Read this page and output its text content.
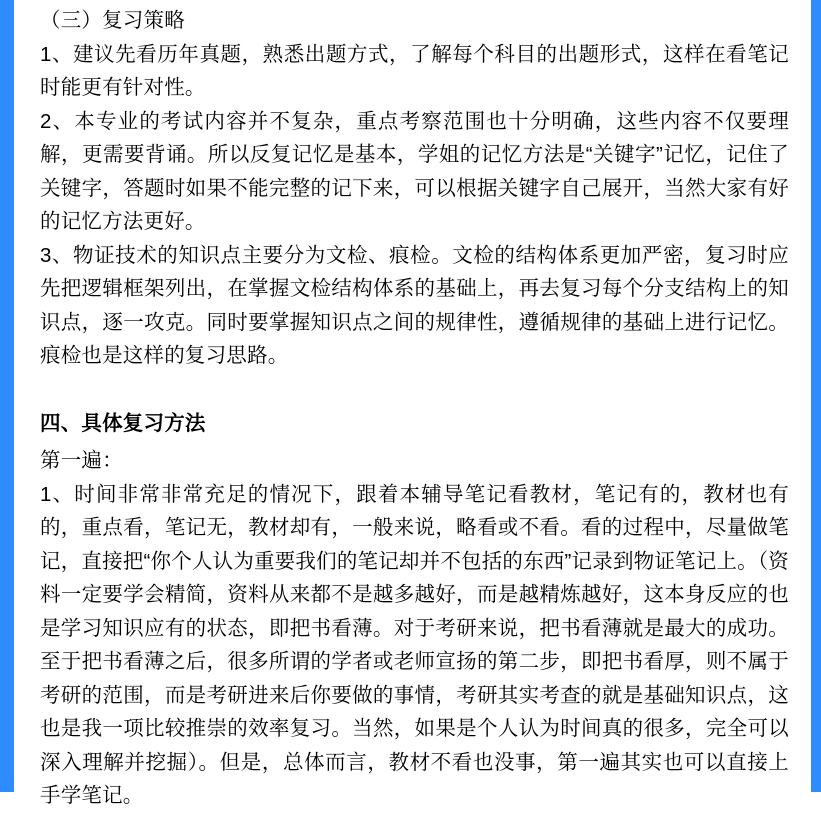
（三）复习策略

1、建议先看历年真题，熟悉出题方式，了解每个科目的出题形式，这样在看笔记时能更有针对性。

2、本专业的考试内容并不复杂，重点考察范围也十分明确，这些内容不仅要理解，更需要背诵。所以反复记忆是基本，学姐的记忆方法是“关键字”记忆，记住了关键字，答题时如果不能完整的记下来，可以根据关键字自己展开，当然大家有好的记忆方法更好。

3、物证技术的知识点主要分为文检、痕检。文检的结构体系更加严密，复习时应先把逻辑框架列出，在掌握文检结构体系的基础上，再去复习每个分支结构上的知识点，逐一攻克。同时要掌握知识点之间的规律性，遵循规律的基础上进行记忆。痕检也是这样的复习思路。

四、具体复习方法

第一遍：

1、时间非常非常充足的情况下，跟着本辅导笔记看教材，笔记有的，教材也有的，重点看，笔记无，教材却有，一般来说，略看或不看。看的过程中，尽量做笔记，直接把“你个人认为重要我们的笔记却并不包括的东西”记录到物证笔记上。（资料一定要学会精简，资料从来都不是越多越好，而是越精炼越好，这本身反应的也是学习知识应有的状态，即把书看薄。对于考研来说，把书看薄就是最大的成功。至于把书看薄之后，很多所谓的学者或老师宣扬的第二步，即把书看厚，则不属于考研的范围，而是考研进来后你要做的事情，考研其实考查的就是基础知识点，这也是我一项比较推崇的效率复习。当然，如果是个人认为时间真的很多，完全可以深入理解并挖掘）。但是，总体而言，教材不看也没事，第一遍其实也可以直接上手学笔记。
